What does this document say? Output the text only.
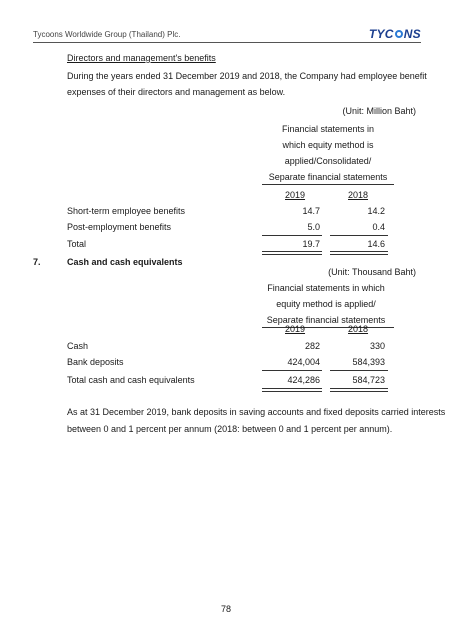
Tycoons Worldwide Group (Thailand) Plc.	TYC NS
Directors and management's benefits
During the years ended 31 December 2019 and 2018, the Company had employee benefit
expenses of their directors and management as below.
(Unit: Million Baht)
Financial statements in
which equity method is
applied/Consolidated/
Separate financial statements
2019	2018
Short-term employee benefits	14.7	14.2
Post-employment benefits	5.0	0.4
Total	19.7	14.6
7.	Cash and cash equivalents
(Unit: Thousand Baht)
Financial statements in which
equity method is applied/
Separate financial statements
2019	2018
Cash	282	330
Bank deposits	424,004	584,393
Total cash and cash equivalents	424,286	584,723
As at 31 December 2019, bank deposits in saving accounts and fixed deposits carried interests
between 0 and 1 percent per annum (2018: between 0 and 1 percent per annum).
78
